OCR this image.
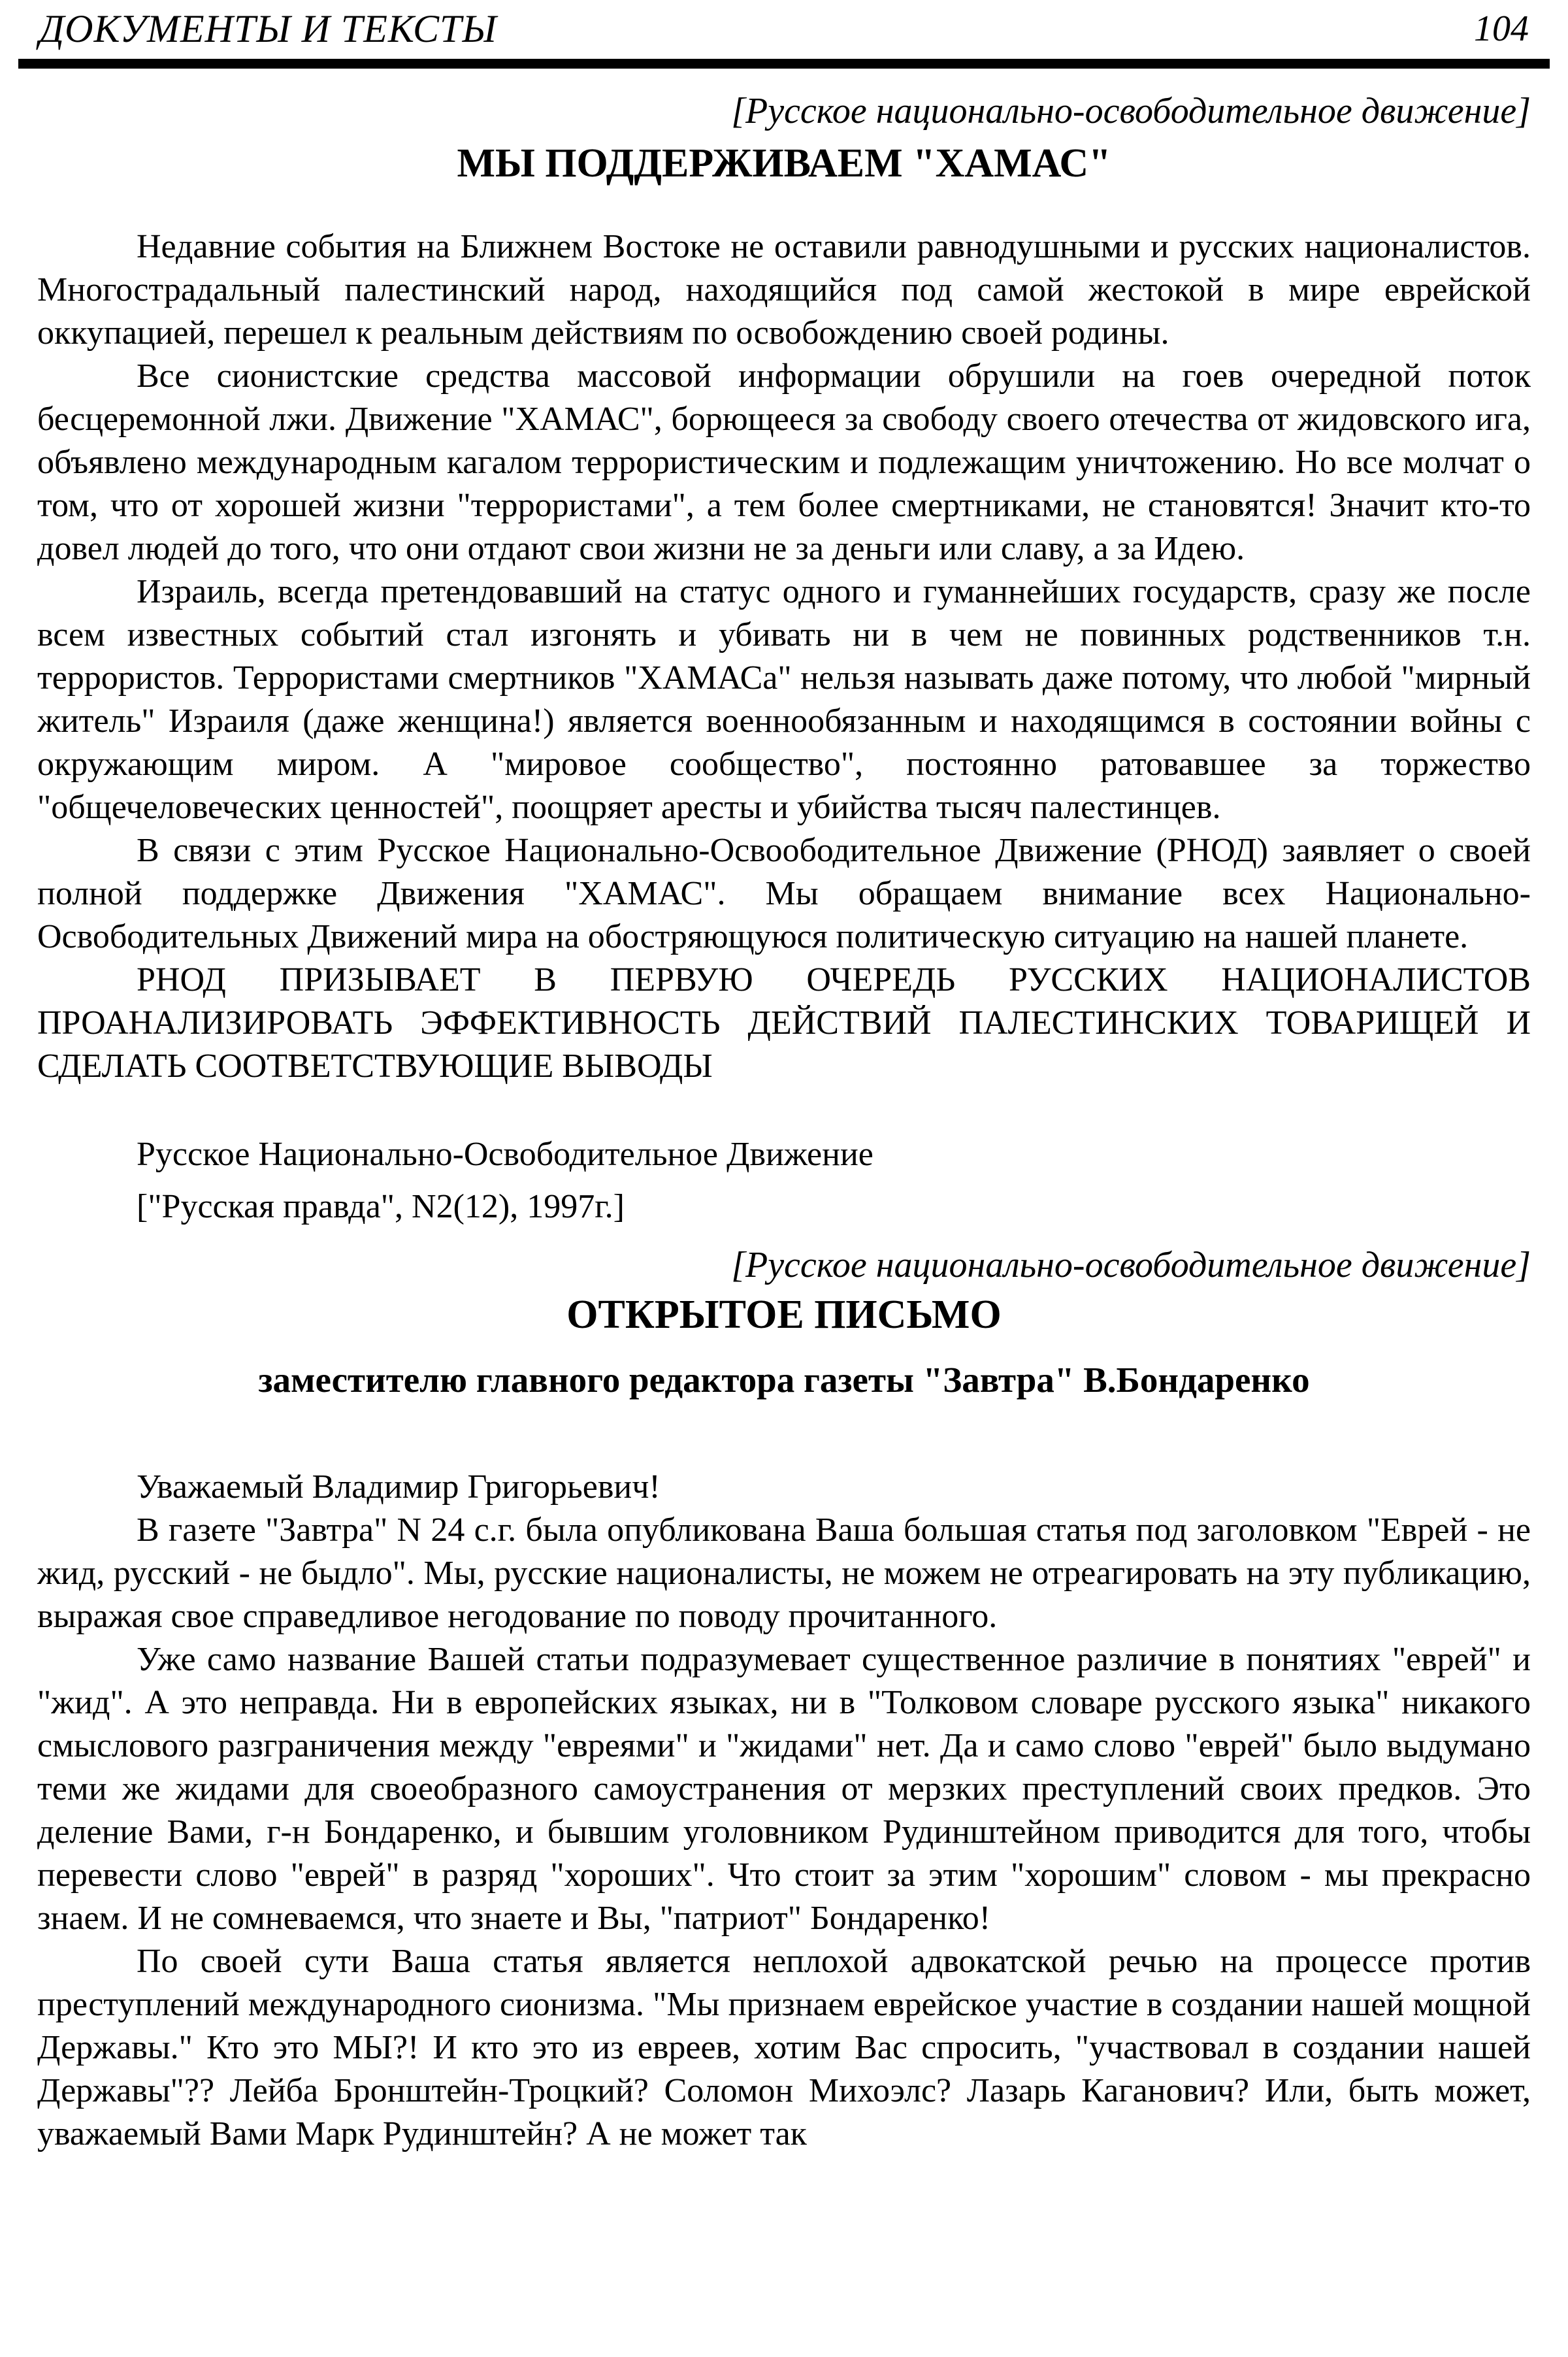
ДОКУМЕНТЫ И ТЕКСТЫ	104

[Русское национально-освободительное движение]

МЫ ПОДДЕРЖИВАЕМ "ХАМАС"

Недавние события на Ближнем Востоке не оставили равнодушными и русских националистов. Многострадальный палестинский народ, находящийся под самой жестокой в мире еврейской оккупацией, перешел к реальным действиям по освобождению своей родины.

Все сионистские средства массовой информации обрушили на гоев очередной поток бесцеремонной лжи. Движение "ХАМАС", борющееся за свободу своего отечества от жидовского ига, объявлено международным кагалом террористическим и подлежащим уничтожению. Но все молчат о том, что от хорошей жизни "террористами", а тем более смертниками, не становятся! Значит кто-то довел людей до того, что они отдают свои жизни не за деньги или славу, а за Идею.

Израиль, всегда претендовавший на статус одного и гуманнейших государств, сразу же после всем известных событий стал изгонять и убивать ни в чем не повинных родственников т.н. террористов. Террористами смертников "ХАМАСа" нельзя называть даже потому, что любой "мирный житель" Израиля (даже женщина!) является военнообязанным и находящимся в состоянии войны с окружающим миром. А "мировое сообщество", постоянно ратовавшее за торжество "общечеловеческих ценностей", поощряет аресты и убийства тысяч палестинцев.

В связи с этим Русское Национально-Освоободительное Движение (РНОД) заявляет о своей полной поддержке Движения "ХАМАС". Мы обращаем внимание всех Национально-Освободительных Движений мира на обостряющуюся политическую ситуацию на нашей планете.

РНОД ПРИЗЫВАЕТ В ПЕРВУЮ ОЧЕРЕДЬ РУССКИХ НАЦИОНАЛИСТОВ ПРОАНАЛИЗИРОВАТЬ ЭФФЕКТИВНОСТЬ ДЕЙСТВИЙ ПАЛЕСТИНСКИХ ТОВАРИЩЕЙ И СДЕЛАТЬ СООТВЕТСТВУЮЩИЕ ВЫВОДЫ

Русское Национально-Освободительное Движение

["Русская правда", N2(12), 1997г.]

[Русское национально-освободительное движение]

ОТКРЫТОЕ ПИСЬМО

заместителю главного редактора газеты "Завтра" В.Бондаренко

Уважаемый Владимир Григорьевич!

В газете "Завтра" N 24 с.г. была опубликована Ваша большая статья под заголовком "Еврей - не жид, русский - не быдло". Мы, русские националисты, не можем не отреагировать на эту публикацию, выражая свое справедливое негодование по поводу прочитанного.

Уже само название Вашей статьи подразумевает существенное различие в понятиях "еврей" и "жид". А это неправда. Ни в европейских языках, ни в "Толковом словаре русского языка" никакого смыслового разграничения между "евреями" и "жидами" нет. Да и само слово "еврей" было выдумано теми же жидами для своеобразного самоустранения от мерзких преступлений своих предков. Это деление Вами, г-н Бондаренко, и бывшим уголовником Рудинштейном приводится для того, чтобы перевести слово "еврей" в разряд "хороших". Что стоит за этим "хорошим" словом - мы прекрасно знаем. И не сомневаемся, что знаете и Вы, "патриот" Бондаренко!

По своей сути Ваша статья является неплохой адвокатской речью на процессе против преступлений международного сионизма. "Мы признаем еврейское участие в создании нашей мощной Державы." Кто это МЫ?! И кто это из евреев, хотим Вас спросить, "участвовал в создании нашей Державы"?? Лейба Бронштейн-Троцкий? Соломон Михоэлс? Лазарь Каганович? Или, быть может, уважаемый Вами Марк Рудинштейн? А не может так
